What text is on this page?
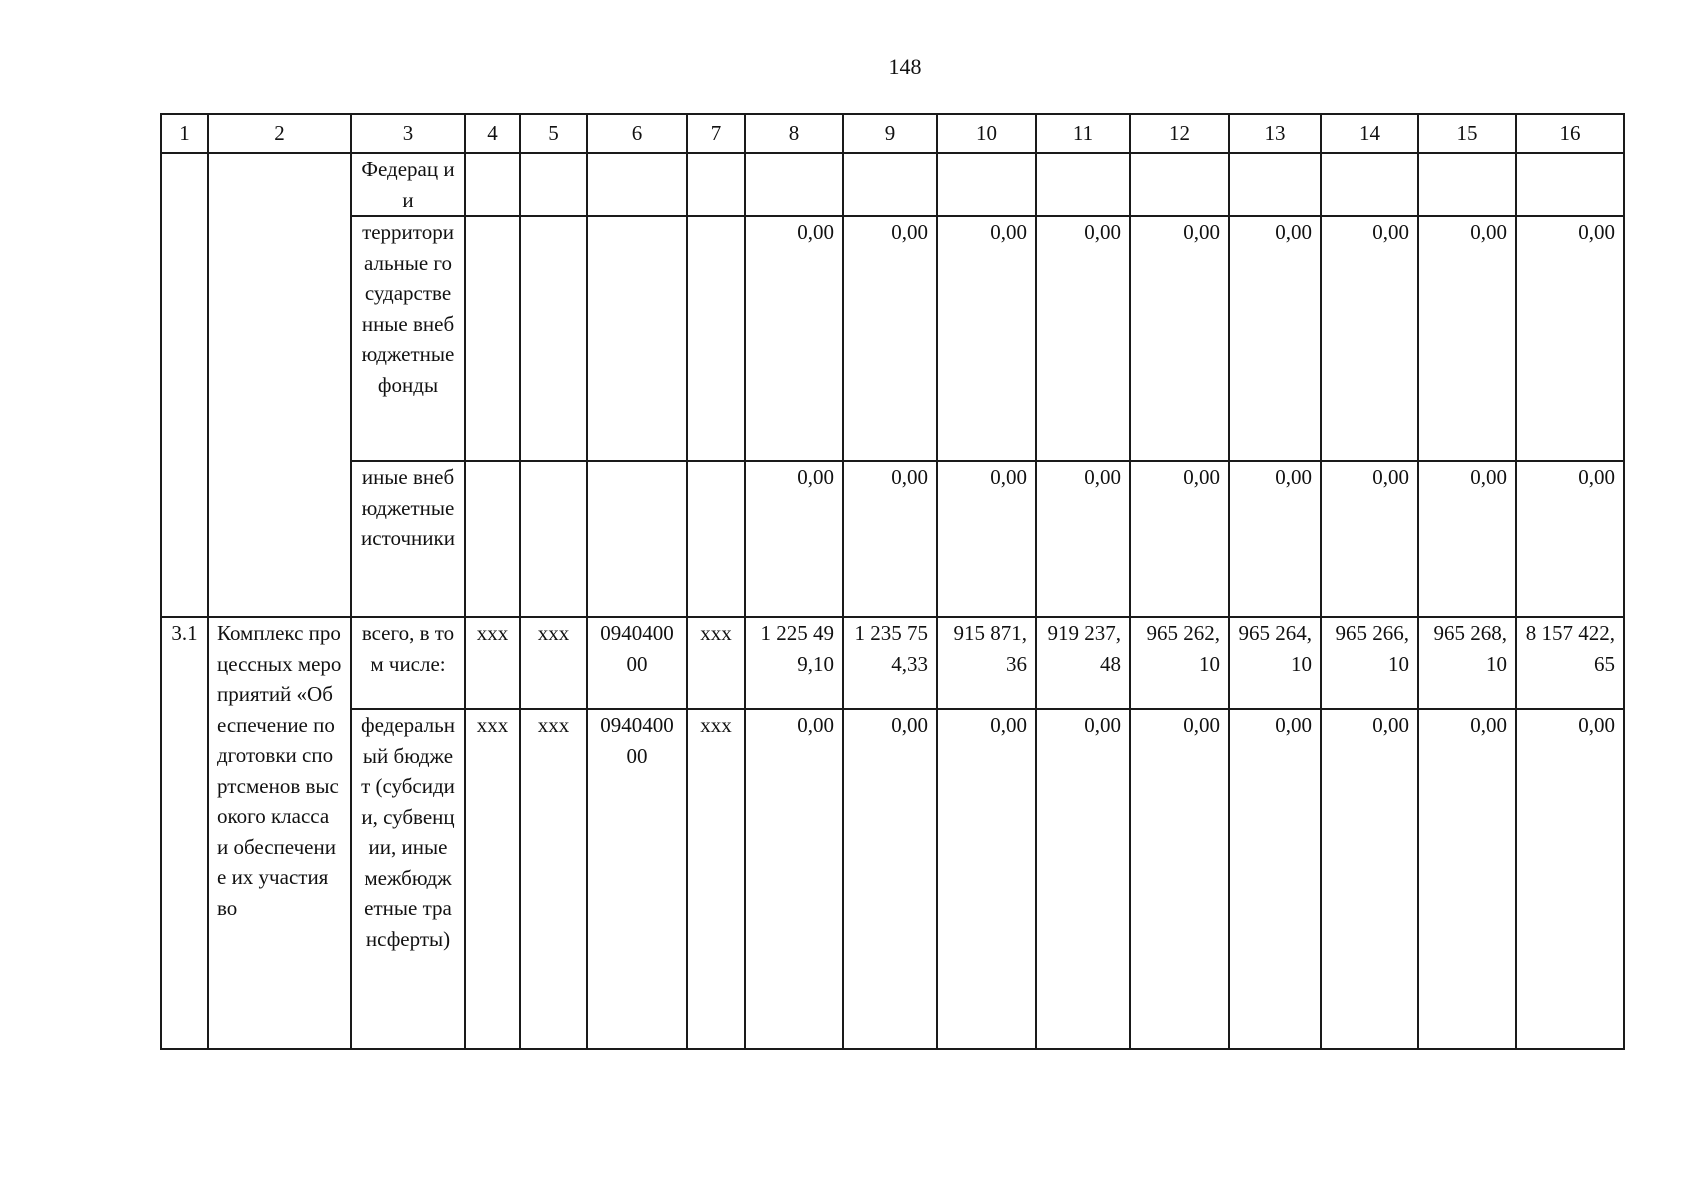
148
1	2	3	4	5	6	7	8	9	10	11	12	13	14	15	16
		Федерац ии													
		территориальные государственные внебюджетные фонды					0,00	0,00	0,00	0,00	0,00	0,00	0,00	0,00	0,00
		иные внебюджетные источники					0,00	0,00	0,00	0,00	0,00	0,00	0,00	0,00	0,00
3.1	Комплекс процессных мероприятий «Обеспечение подготовки спортсменов высокого класса и обеспечение их участия во	всего, в том числе:	ххх	ххх	094040000	ххх	1 225 499,10	1 235 754,33	915 871,36	919 237,48	965 262,10	965 264,10	965 266,10	965 268,10	8 157 422,65
		федеральный бюджет (субсидии, субвенции, иные межбюджетные трансферты)	ххх	ххх	094040000	ххх	0,00	0,00	0,00	0,00	0,00	0,00	0,00	0,00	0,00
